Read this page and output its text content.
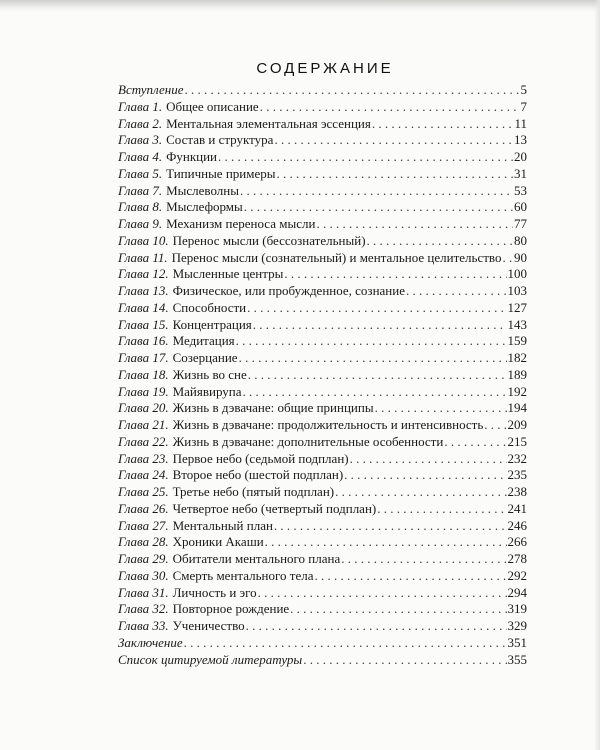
СОДЕРЖАНИЕ
Вступление . . .	5
Глава 1. Общее описание . . .	7
Глава 2. Ментальная элементальная эссенция . . .	11
Глава 3. Состав и структура . . .	13
Глава 4. Функции . . .	20
Глава 5. Типичные примеры . . .	31
Глава 7. Мыслеволны . . .	53
Глава 8. Мыслеформы . . .	60
Глава 9. Механизм переноса мысли . . .	77
Глава 10. Перенос мысли (бессознательный) . . .	80
Глава 11. Перенос мысли (сознательный) и ментальное целительство . . . 90
Глава 12. Мысленные центры . . .	100
Глава 13. Физическое, или пробужденное, сознание . . .	103
Глава 14. Способности . . .	127
Глава 15. Концентрация . . .	143
Глава 16. Медитация . . .	159
Глава 17. Созерцание . . .	182
Глава 18. Жизнь во сне . . .	189
Глава 19. Майявирупа . . .	192
Глава 20. Жизнь в дэвачане: общие принципы . . .	194
Глава 21. Жизнь в дэвачане: продолжительность и интенсивность . . . 209
Глава 22. Жизнь в дэвачане: дополнительные особенности . . .	215
Глава 23. Первое небо (седьмой подплан) . . .	232
Глава 24. Второе небо (шестой подплан) . . .	235
Глава 25. Третье небо (пятый подплан) . . .	238
Глава 26. Четвертое небо (четвертый подплан) . . .	241
Глава 27. Ментальный план . . .	246
Глава 28. Хроники Акаши . . .	266
Глава 29. Обитатели ментального плана . . .	278
Глава 30. Смерть ментального тела . . .	292
Глава 31. Личность и эго . . .	294
Глава 32. Повторное рождение . . .	319
Глава 33. Ученичество . . .	329
Заключение . . .	351
Список цитируемой литературы . . .	355
